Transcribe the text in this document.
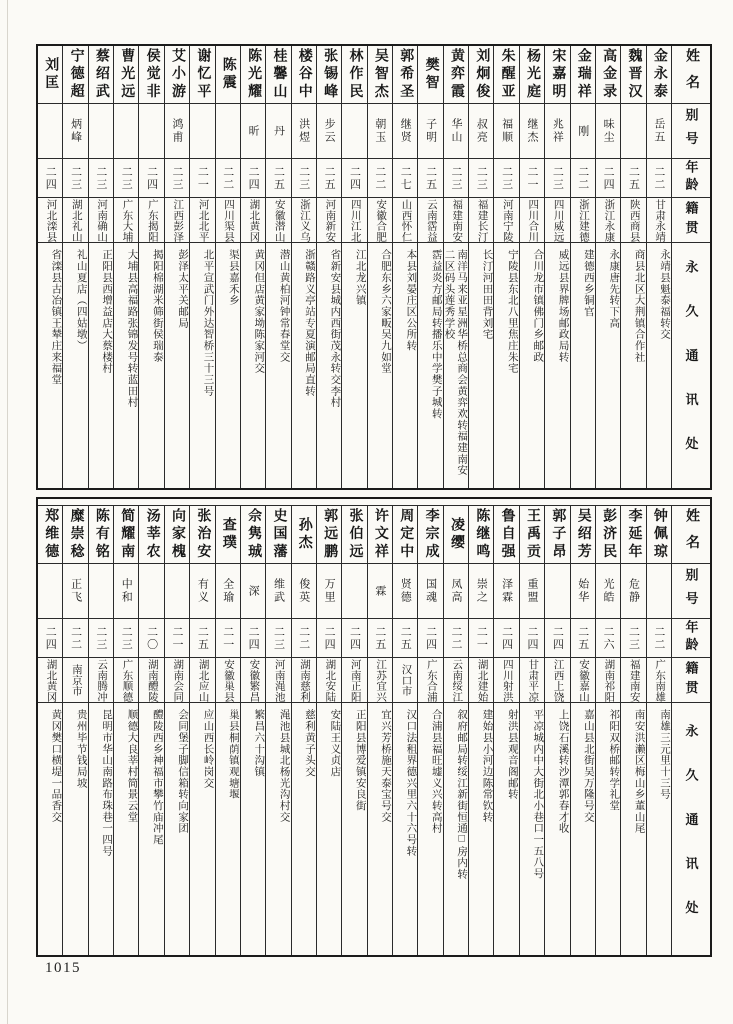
姓名
别号
年龄
籍贯
永久通讯处
金永泰
岳五
二二
甘肃永靖
永靖县魁泰福转交
魏晋汉
二五
陕西商县
商县北区大荆镇合作社
高金录
味尘
二四
浙江永康
永康唐先转下高
金瑞祥
刚
二二
浙江建德
建德西乡铜官
宋嘉明
兆祥
二三
四川威远
威远县界牌场邮政局转
杨光庭
继杰
二一
四川合川
合川龙市镇佛门乡邮政
朱醒亚
福顺
二三
河南宁陵
宁陵县东北八里焦庄朱宅
刘炯俊
叔亮
二三
福建长汀
长汀河田田背刘宅
黄弈霞
华山
二三
福建南安
南洋马来亚星洲华桥总商会黄弈欢转福建南安二区码头莲秀学校
樊智
子明
二五
云南霑益
霑益炎方邮局转播乐中学樊子城转
郭希圣
继贤
二七
山西怀仁
本县刘晏庄区公所转
吴智杰
朝玉
二二
安徽合肥
合肥东乡六家畈吴九如堂
林作民
二四
四川江北
江北龙兴镇
张锡峰
步云
二五
河南新安
省新安县城内西街茂永转交李村
楼谷中
洪煜
二三
浙江义乌
浙赣路义亭站专夏演邮局直转
桂馨山
丹
二五
安徽潜山
潜山黄柏河钟常春堂交
陈光耀
昕
二四
湖北黄冈
黄冈但店黄家坳陈家河交
陈震
二二
四川渠县
渠县嘉禾乡
谢忆平
二一
河北北平
北平宣武门外达智桥三十三号
艾小游
鸿甫
二三
江西彭泽
彭泽太平关邮局
侯觉非
二四
广东揭阳
揭阳棉湖米筛街侯瑞泰
曹光远
二三
广东大埔
大埔县高福路张锦发号转蓝田村
蔡绍武
二三
河南确山
正阳县西增益店大蔡楼村
宁德超
炳峰
二三
湖北礼山
礼山夏店（四姑墩）
刘匡
二四
河北滦县
省滦县古冶镇王辇庄来福堂
姓名
别号
年龄
籍贯
永久通讯处
钟佩琼
二二
广东南雄
南雄三元里十三号
李延年
危静
二三
福建南安
南安洪濑区梅山乡董山尾
彭济民
光皓
二六
湖南祁阳
祁阳双桥邮转学礼堂
吴绍芳
始华
二五
安徽嘉山
嘉山县北街吴万隆号交
郭子昂
二四
江西上饶
上饶石溪转沙潭郭春才收
王禹贡
重盟
二四
甘肃平凉
平凉城内中大街北小巷口一五八号
鲁自强
泽霖
二四
四川射洪
射洪县观音阁邮转
陈继鸣
崇之
二一
湖北建始
建始县小河边陈常钦转
凌缨
凤高
二二
云南绥江
叙府邮局转绥江新街恒通□房内转
李宗成
国魂
二四
广东合浦
合浦县福旺墟义兴转高村
周定中
贤德
二五
汉口市
汉口法租界德兴里六十六号转
许文祥
霖
二五
江苏宜兴
宜兴芳桥施天泰宝号交
张伯远
二四
河南正阳
正阳县博爱镇安良街
郭远鹏
万里
二四
湖北安陆
安陆王义贞店
孙杰
俊英
二二
湖南慈利
慈利黄子头交
史国藩
维武
二三
河南渑池
渑池县城北杨光沟村交
佘隽珹
深
二四
安徽繁昌
繁昌六十沟镇
查璞
全瑜
二一
安徽巢县
巢县桐荫镇观塘堰
张治安
有义
二五
湖北应山
应山西长岭岗交
向家槐
二一
湖南会同
会同堡子脚信箱转向家团
汤莘农
二〇
湖南醴陵
醴陵西乡神福市攀竹庙冲尾
简耀南
中和
二三
广东顺德
顺德大良莘村简景云堂
陈有铭
二三
云南腾冲
昆明市华山南路布珠巷一四号
糜崇稔
正飞
二二
南京市
贵州毕节钱局坡
郑维德
二四
湖北黄冈
黄冈樊口横堤一品香交
1015
